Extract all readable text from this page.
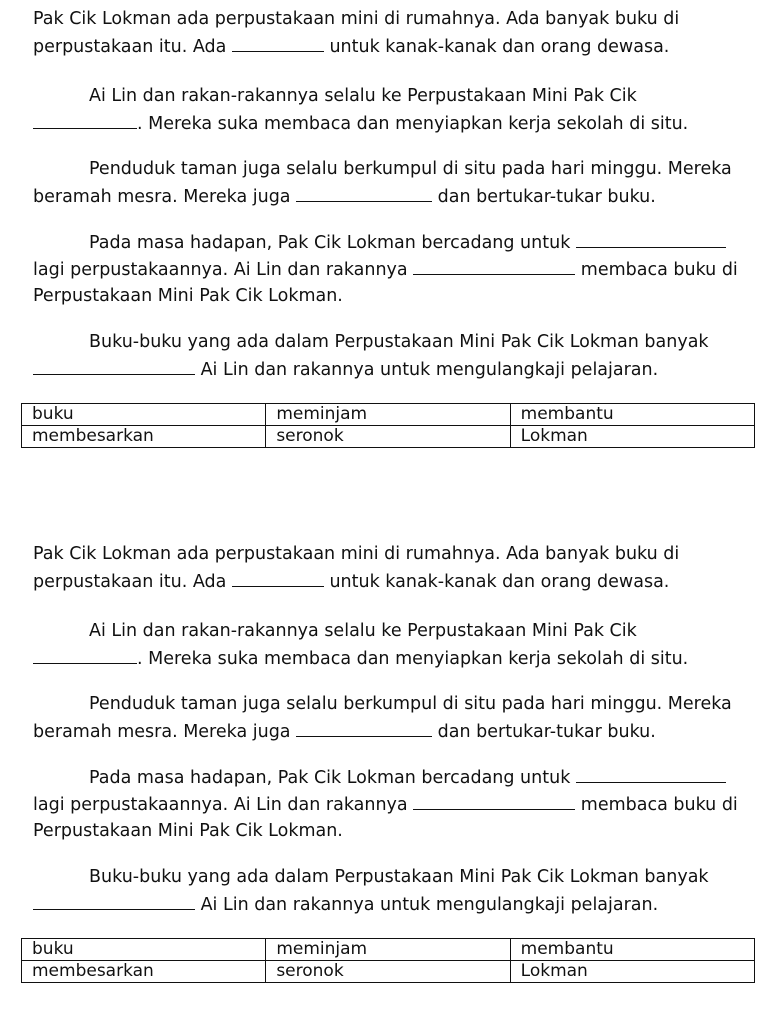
Pak Cik Lokman ada perpustakaan mini di rumahnya. Ada banyak buku di
perpustakaan itu. Ada	untuk kanak-kanak dan orang dewasa.
Ai Lin dan rakan-rakannya selalu ke Perpustakaan Mini Pak Cik
. Mereka suka membaca dan menyiapkan kerja sekolah di situ.
Penduduk taman juga selalu berkumpul di situ pada hari minggu. Mereka
beramah mesra. Mereka juga	dan bertukar-tukar buku.
Pada masa hadapan, Pak Cik Lokman bercadang untuk
lagi perpustakaannya. Ai Lin dan rakannya	membaca buku di
Perpustakaan Mini Pak Cik Lokman.
Buku-buku yang ada dalam Perpustakaan Mini Pak Cik Lokman banyak
Ai Lin dan rakannya untuk mengulangkaji pelajaran.
buku	meminjam	membantu
membesarkan	seronok	Lokman
Pak Cik Lokman ada perpustakaan mini di rumahnya. Ada banyak buku di
perpustakaan itu. Ada	untuk kanak-kanak dan orang dewasa.
Ai Lin dan rakan-rakannya selalu ke Perpustakaan Mini Pak Cik
. Mereka suka membaca dan menyiapkan kerja sekolah di situ.
Penduduk taman juga selalu berkumpul di situ pada hari minggu. Mereka
beramah mesra. Mereka juga	dan bertukar-tukar buku.
Pada masa hadapan, Pak Cik Lokman bercadang untuk
lagi perpustakaannya. Ai Lin dan rakannya	membaca buku di
Perpustakaan Mini Pak Cik Lokman.
Buku-buku yang ada dalam Perpustakaan Mini Pak Cik Lokman banyak
Ai Lin dan rakannya untuk mengulangkaji pelajaran.
buku	meminjam	membantu
membesarkan	seronok	Lokman
